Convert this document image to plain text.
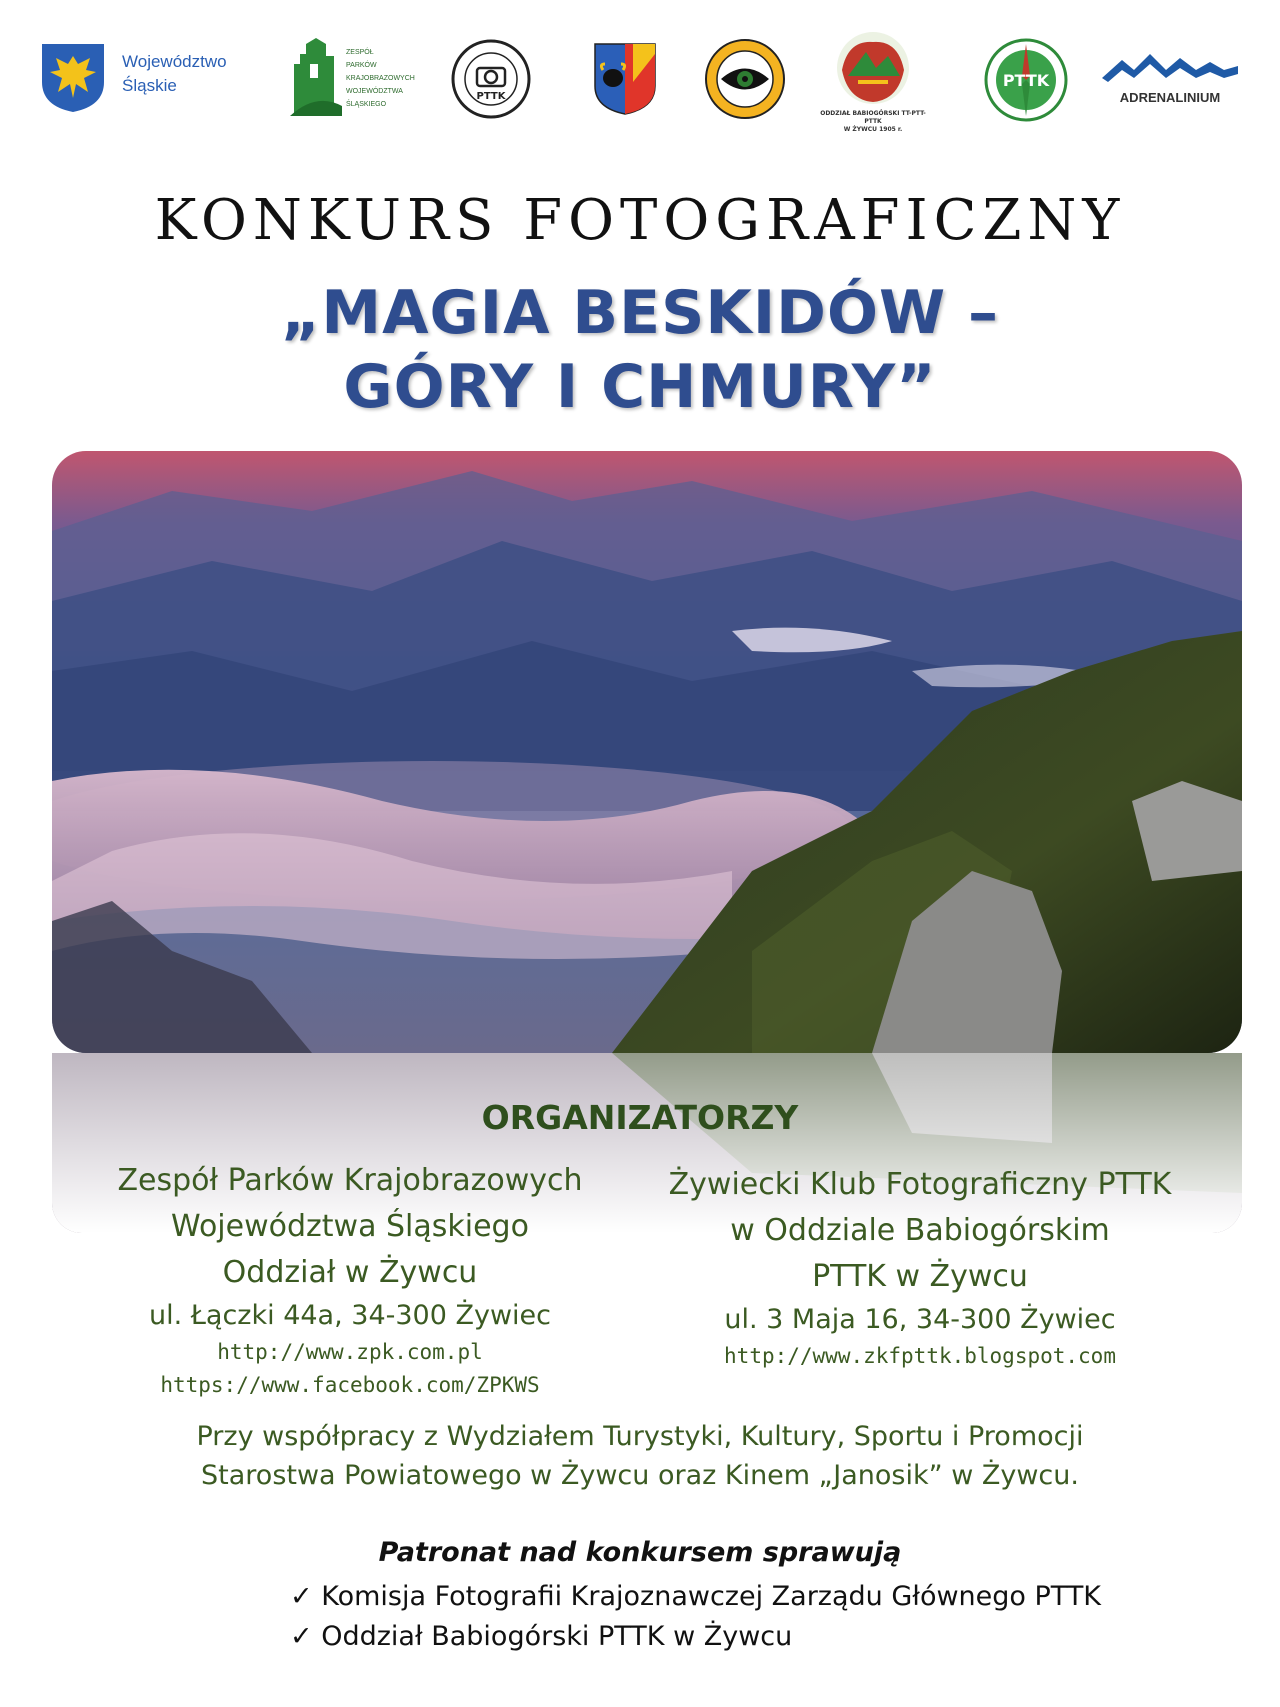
Województwo
Śląskie
ZESPÓŁ
PARKÓW
KRAJOBRAZOWYCH
WOJEWÓDZTWA
ŚLĄSKIEGO
PTTK
ODDZIAŁ BABIOGÓRSKI TT-PTT-PTTK
W ŻYWCU 1905 r.
PTTK
ADRENALINIUM
KONKURS FOTOGRAFICZNY
„MAGIA BESKIDÓW –
GÓRY I CHMURY”
ORGANIZATORZY
Zespół Parków Krajobrazowych
Województwa Śląskiego
Oddział w Żywcu
ul. Łączki 44a, 34-300 Żywiec
http://www.zpk.com.pl
https://www.facebook.com/ZPKWS
Żywiecki Klub Fotograficzny PTTK
w Oddziale Babiogórskim
PTTK w Żywcu
ul. 3 Maja 16, 34-300 Żywiec
http://www.zkfpttk.blogspot.com
Przy współpracy z Wydziałem Turystyki, Kultury, Sportu i Promocji
Starostwa Powiatowego w Żywcu oraz Kinem „Janosik” w Żywcu.
Patronat nad konkursem sprawują
✓ Komisja Fotografii Krajoznawczej Zarządu Głównego PTTK
✓ Oddział Babiogórski PTTK w Żywcu
